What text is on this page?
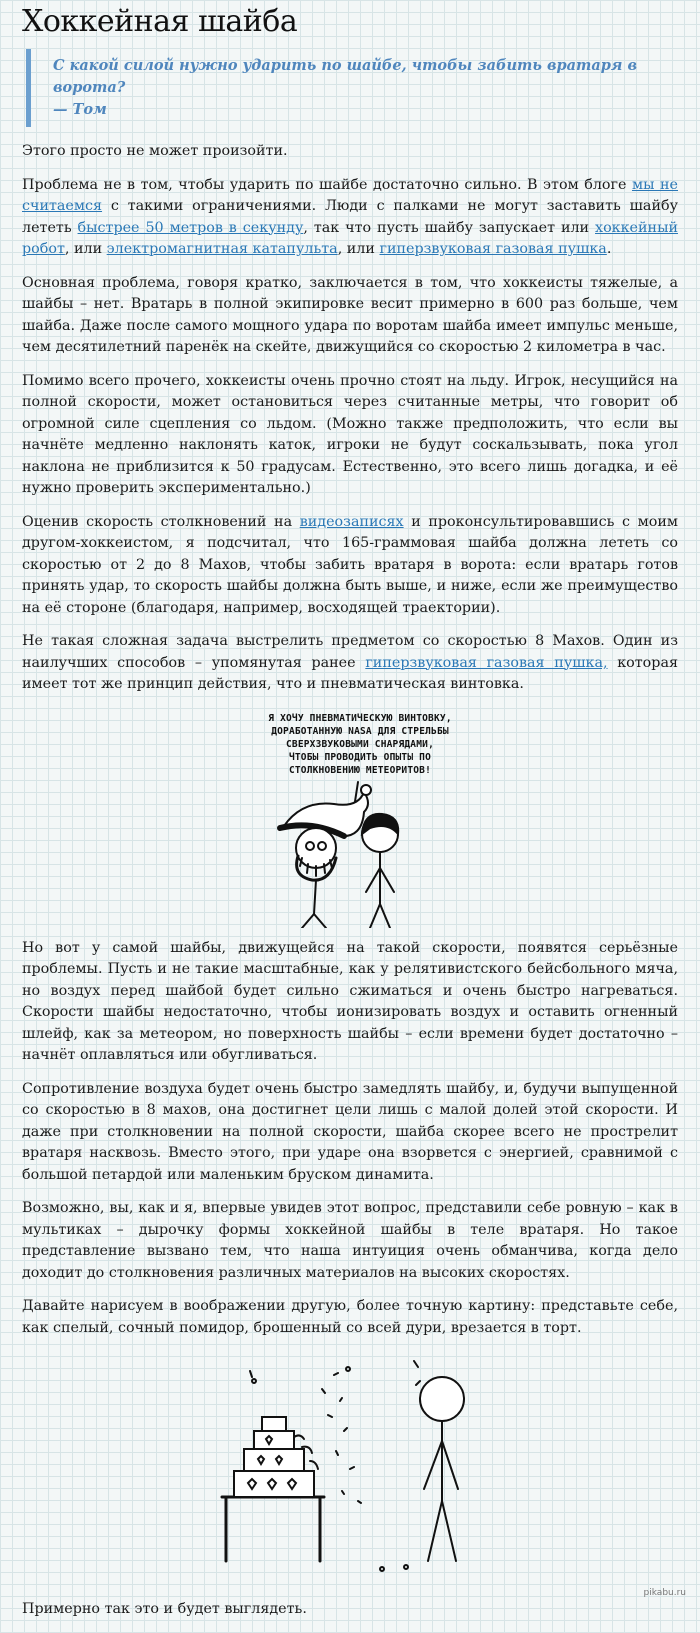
Хоккейная шайба

С какой силой нужно ударить по шайбе, чтобы забить вратаря в ворота?

— Том

Этого просто не может произойти.

Проблема не в том, чтобы ударить по шайбе достаточно сильно. В этом блоге мы не считаемся с такими ограничениями. Люди с палками не могут заставить шайбу лететь быстрее 50 метров в секунду, так что пусть шайбу запускает или хоккейный робот, или электромагнитная катапульта, или гиперзвуковая газовая пушка.

Основная проблема, говоря кратко, заключается в том, что хоккеисты тяжелые, а шайбы – нет. Вратарь в полной экипировке весит примерно в 600 раз больше, чем шайба. Даже после самого мощного удара по воротам шайба имеет импульс меньше, чем десятилетний паренёк на скейте, движущийся со скоростью 2 километра в час.

Помимо всего прочего, хоккеисты очень прочно стоят на льду. Игрок, несущийся на полной скорости, может остановиться через считанные метры, что говорит об огромной силе сцепления со льдом. (Можно также предположить, что если вы начнёте медленно наклонять каток, игроки не будут соскальзывать, пока угол наклона не приблизится к 50 градусам. Естественно, это всего лишь догадка, и её нужно проверить экспериментально.)

Оценив скорость столкновений на видеозаписях и проконсультировавшись с моим другом-хоккеистом, я подсчитал, что 165-граммовая шайба должна лететь со скоростью от 2 до 8 Махов, чтобы забить вратаря в ворота: если вратарь готов принять удар, то скорость шайбы должна быть выше, и ниже, если же преимущество на её стороне (благодаря, например, восходящей траектории).

Не такая сложная задача выстрелить предметом со скоростью 8 Махов. Один из наилучших способов – упомянутая ранее гиперзвуковая газовая пушка, которая имеет тот же принцип действия, что и пневматическая винтовка.

Я ХОЧУ ПНЕВМАТИЧЕСКУЮ ВИНТОВКУ,
ДОРАБОТАННУЮ NASA ДЛЯ СТРЕЛЬБЫ
СВЕРХЗВУКОВЫМИ СНАРЯДАМИ,
ЧТОБЫ ПРОВОДИТЬ ОПЫТЫ ПО
СТОЛКНОВЕНИЮ МЕТЕОРИТОВ!

Но вот у самой шайбы, движущейся на такой скорости, появятся серьёзные проблемы. Пусть и не такие масштабные, как у релятивистского бейсбольного мяча, но воздух перед шайбой будет сильно сжиматься и очень быстро нагреваться. Скорости шайбы недостаточно, чтобы ионизировать воздух и оставить огненный шлейф, как за метеором, но поверхность шайбы – если времени будет достаточно – начнёт оплавляться или обугливаться.

Сопротивление воздуха будет очень быстро замедлять шайбу, и, будучи выпущенной со скоростью в 8 махов, она достигнет цели лишь с малой долей этой скорости. И даже при столкновении на полной скорости, шайба скорее всего не прострелит вратаря насквозь. Вместо этого, при ударе она взорвется с энергией, сравнимой с большой петардой или маленьким бруском динамита.

Возможно, вы, как и я, впервые увидев этот вопрос, представили себе ровную – как в мультиках – дырочку формы хоккейной шайбы в теле вратаря. Но такое представление вызвано тем, что наша интуиция очень обманчива, когда дело доходит до столкновения различных материалов на высоких скоростях.

Давайте нарисуем в воображении другую, более точную картину: представьте себе, как спелый, сочный помидор, брошенный со всей дури, врезается в торт.

Примерно так это и будет выглядеть.

pikabu.ru
